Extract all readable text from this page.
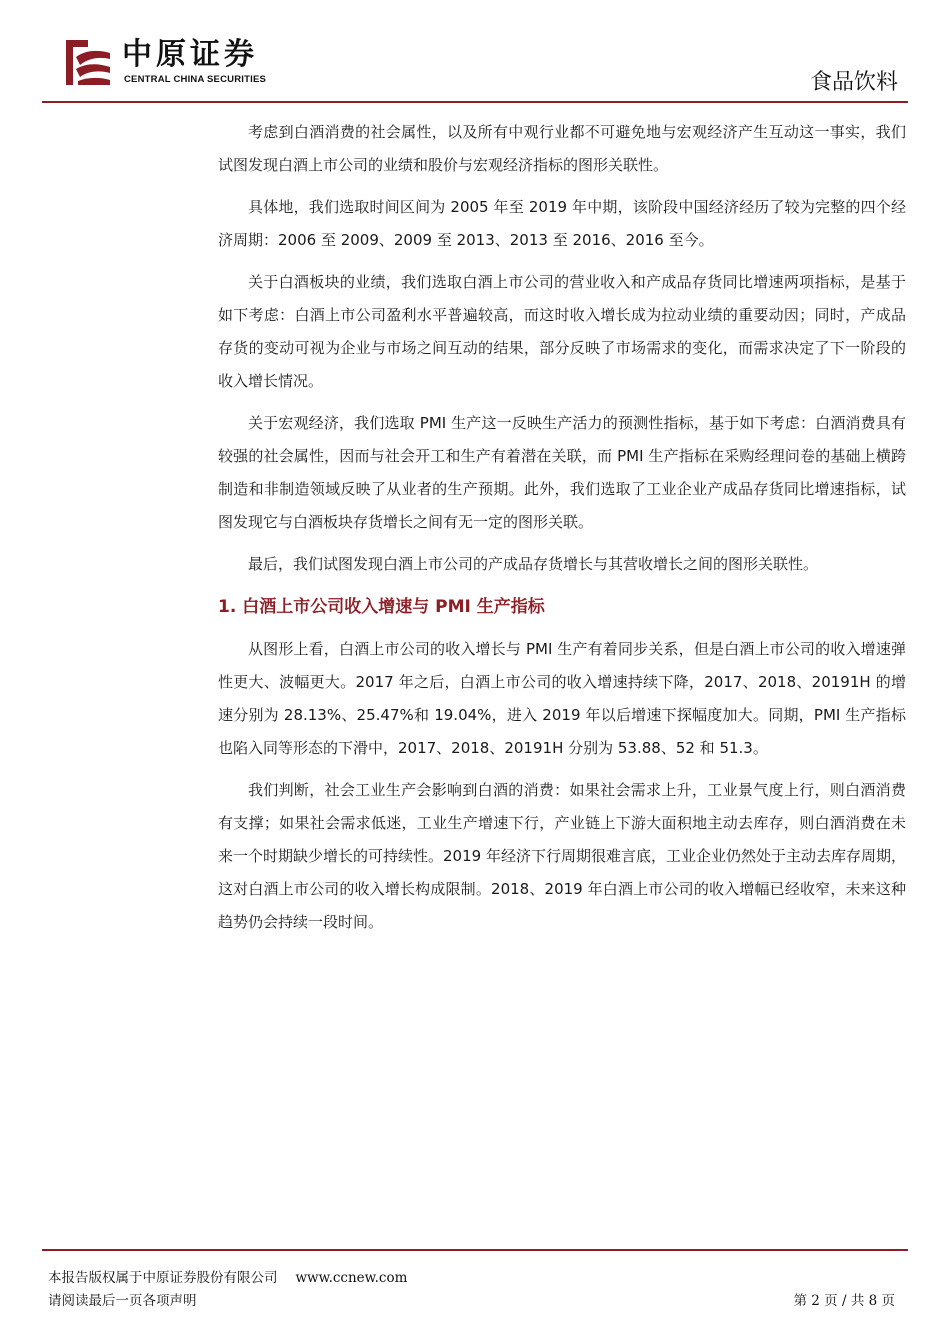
中原证券
CENTRAL CHINA SECURITIES	食品饮料

考虑到白酒消费的社会属性，以及所有中观行业都不可避免地与宏观经济产生互动这一事实，我们试图发现白酒上市公司的业绩和股价与宏观经济指标的图形关联性。

具体地，我们选取时间区间为 2005 年至 2019 年中期，该阶段中国经济经历了较为完整的四个经济周期：2006 至 2009、2009 至 2013、2013 至 2016、2016 至今。

关于白酒板块的业绩，我们选取白酒上市公司的营业收入和产成品存货同比增速两项指标，是基于如下考虑：白酒上市公司盈利水平普遍较高，而这时收入增长成为拉动业绩的重要动因；同时，产成品存货的变动可视为企业与市场之间互动的结果，部分反映了市场需求的变化，而需求决定了下一阶段的收入增长情况。

关于宏观经济，我们选取 PMI 生产这一反映生产活力的预测性指标，基于如下考虑：白酒消费具有较强的社会属性，因而与社会开工和生产有着潜在关联，而 PMI 生产指标在采购经理问卷的基础上横跨制造和非制造领域反映了从业者的生产预期。此外，我们选取了工业企业产成品存货同比增速指标，试图发现它与白酒板块存货增长之间有无一定的图形关联。

最后，我们试图发现白酒上市公司的产成品存货增长与其营收增长之间的图形关联性。

1. 白酒上市公司收入增速与 PMI 生产指标

从图形上看，白酒上市公司的收入增长与 PMI 生产有着同步关系，但是白酒上市公司的收入增速弹性更大、波幅更大。2017 年之后，白酒上市公司的收入增速持续下降，2017、2018、20191H 的增速分别为 28.13%、25.47%和 19.04%，进入 2019 年以后增速下探幅度加大。同期，PMI 生产指标也陷入同等形态的下滑中，2017、2018、20191H 分别为 53.88、52 和 51.3。

我们判断，社会工业生产会影响到白酒的消费：如果社会需求上升，工业景气度上行，则白酒消费有支撑；如果社会需求低迷，工业生产增速下行，产业链上下游大面积地主动去库存，则白酒消费在未来一个时期缺少增长的可持续性。2019 年经济下行周期很难言底，工业企业仍然处于主动去库存周期，这对白酒上市公司的收入增长构成限制。2018、2019 年白酒上市公司的收入增幅已经收窄，未来这种趋势仍会持续一段时间。

本报告版权属于中原证券股份有限公司 www.ccnew.com
请阅读最后一页各项声明	第 2 页 / 共 8 页
